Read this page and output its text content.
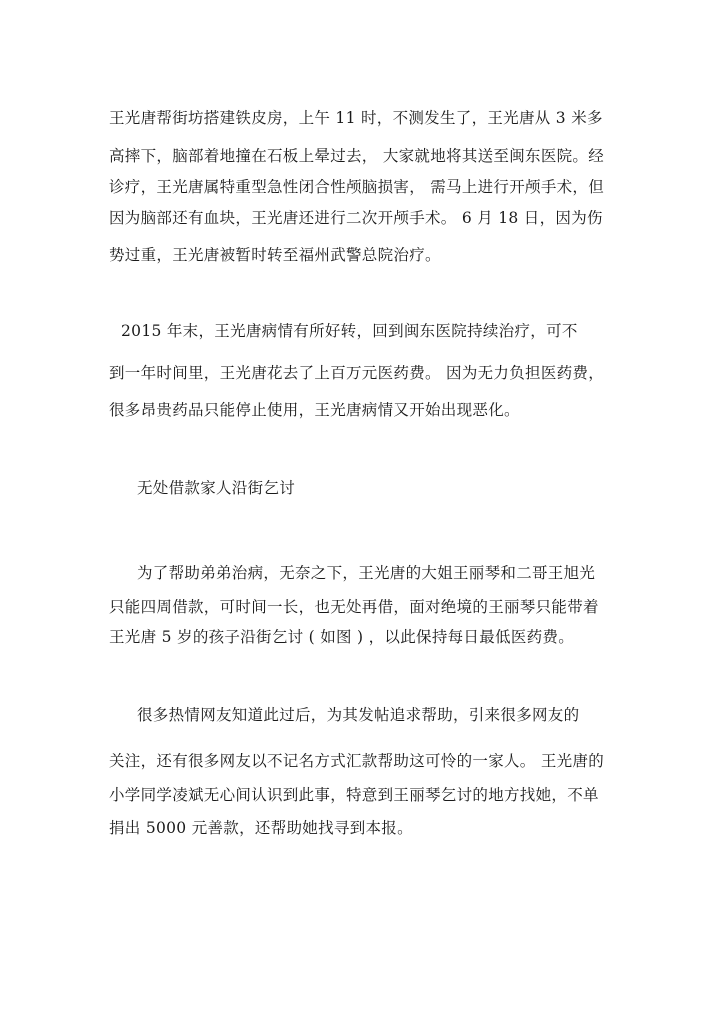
王光唐帮街坊搭建铁皮房，上午 11 时，不测发生了，王光唐从 3 米多
高摔下，脑部着地撞在石板上晕过去， 大家就地将其送至闽东医院。经
诊疗，王光唐属特重型急性闭合性颅脑损害， 需马上进行开颅手术，但
因为脑部还有血块，王光唐还进行二次开颅手术。 6 月 18 日，因为伤
势过重，王光唐被暂时转至福州武警总院治疗。
2015 年末，王光唐病情有所好转，回到闽东医院持续治疗，可不
到一年时间里，王光唐花去了上百万元医药费。 因为无力负担医药费，
很多昂贵药品只能停止使用，王光唐病情又开始出现恶化。
无处借款家人沿街乞讨
为了帮助弟弟治病，无奈之下，王光唐的大姐王丽琴和二哥王旭光
只能四周借款，可时间一长，也无处再借，面对绝境的王丽琴只能带着
王光唐 5 岁的孩子沿街乞讨 ( 如图 ) ，以此保持每日最低医药费。
很多热情网友知道此过后，为其发帖追求帮助，引来很多网友的
关注，还有很多网友以不记名方式汇款帮助这可怜的一家人。 王光唐的
小学同学凌斌无心间认识到此事，特意到王丽琴乞讨的地方找她，不单
捐出 5000 元善款，还帮助她找寻到本报。
